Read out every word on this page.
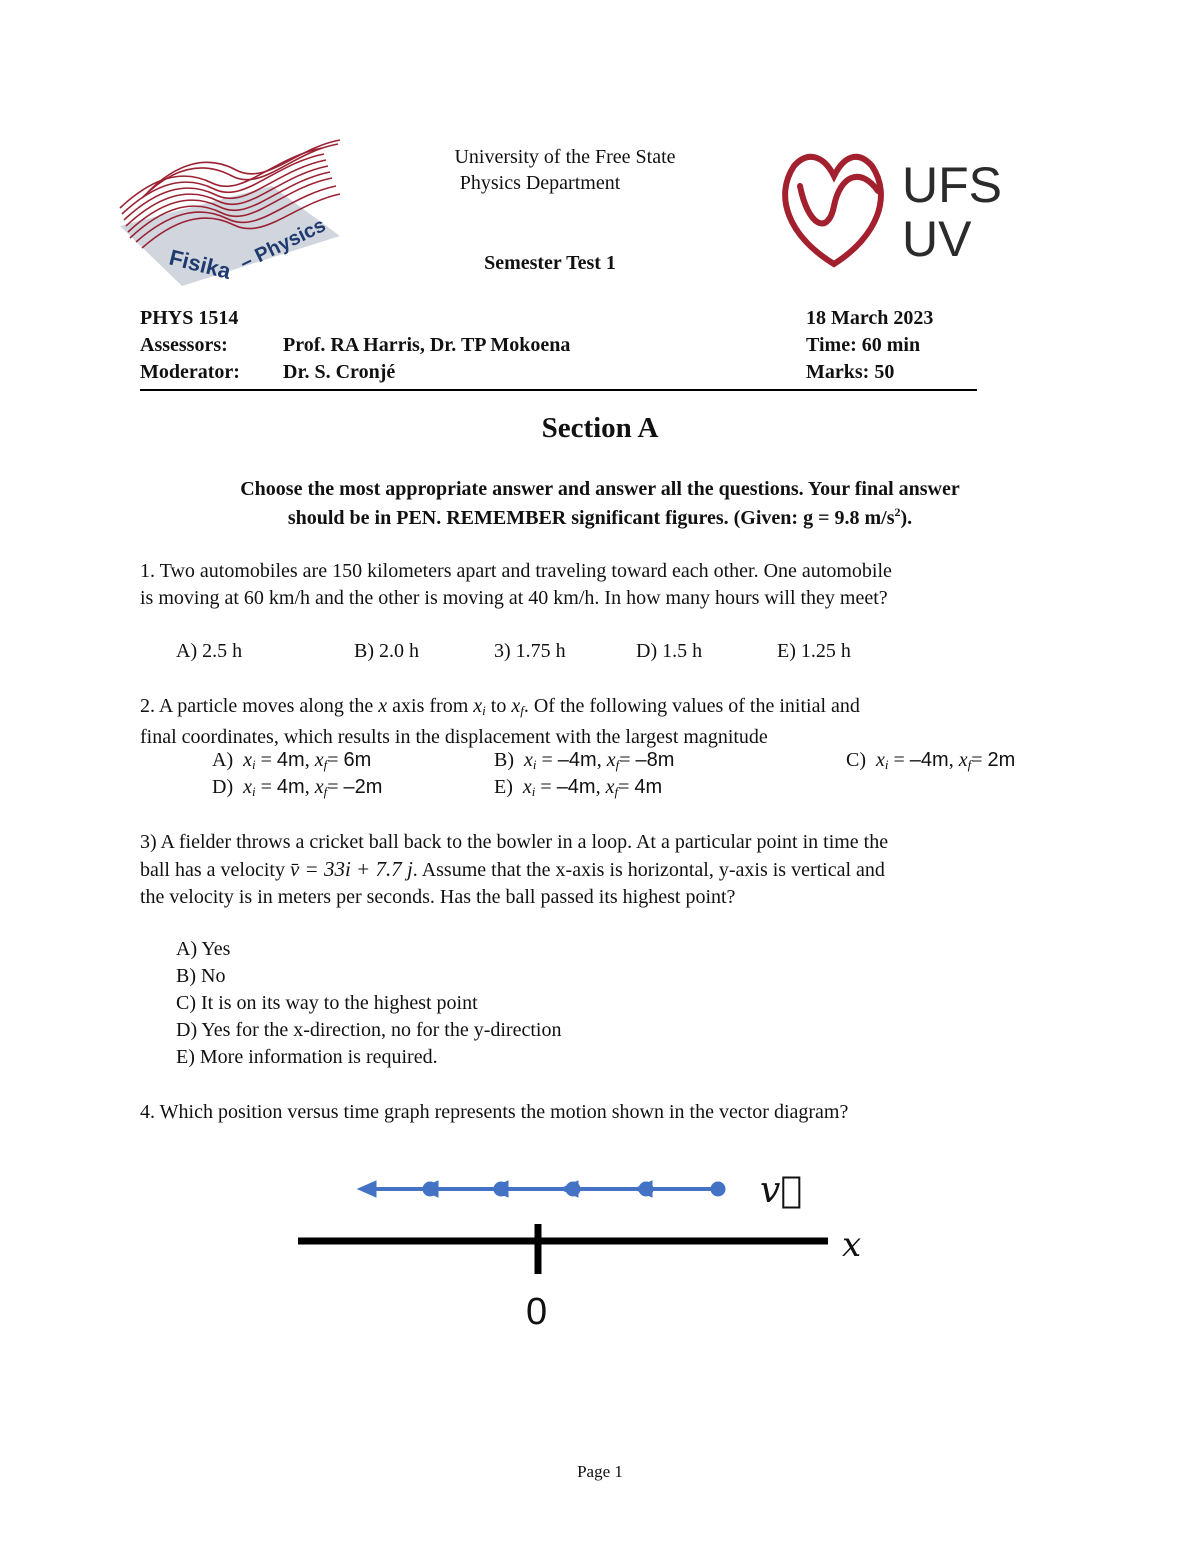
Fisika – Physics
University of the Free State
Physics Department
Semester Test 1
UFS
UV
PHYS 1514
Assessors:	Prof. RA Harris, Dr. TP Mokoena
Moderator: Dr. S. Cronjé
18 March 2023
Time: 60 min
Marks: 50
Section A
Choose the most appropriate answer and answer all the questions. Your final answer
should be in PEN. REMEMBER significant figures. (Given: g = 9.8 $m/s^2$).
1. Two automobiles are 150 kilometers apart and traveling toward each other. One automobile
is moving at 60 km/h and the other is moving at 40 km/h. In how many hours will they meet?
A) 2.5 h	B) 2.0 h	3) 1.75 h	D) 1.5 h	E) 1.25 h
2. A particle moves along the x axis from $x_i$ to $x_f$. Of the following values of the initial and
final coordinates, which results in the displacement with the largest magnitude
A) $x_i = 4m$, $x_f= 6m$	B) $x_i = -4m$, $x_f= -8m$	C) $x_i = -4m$, $x_f= 2m$
D) $x_i = 4m$, $x_f= -2m$	E) $x_i = -4m$, $x_f= 4m$
3) A fielder throws a cricket ball back to the bowler in a loop. At a particular point in time the
ball has a velocity v̄ = 33i + 7.7 j. Assume that the x-axis is horizontal, y-axis is vertical and
the velocity is in meters per seconds. Has the ball passed its highest point?
A) Yes
B) No
C) It is on its way to the highest point
D) Yes for the x-direction, no for the y-direction
E) More information is required.
4. Which position versus time graph represents the motion shown in the vector diagram?
v⃗
x
0
Page 1
